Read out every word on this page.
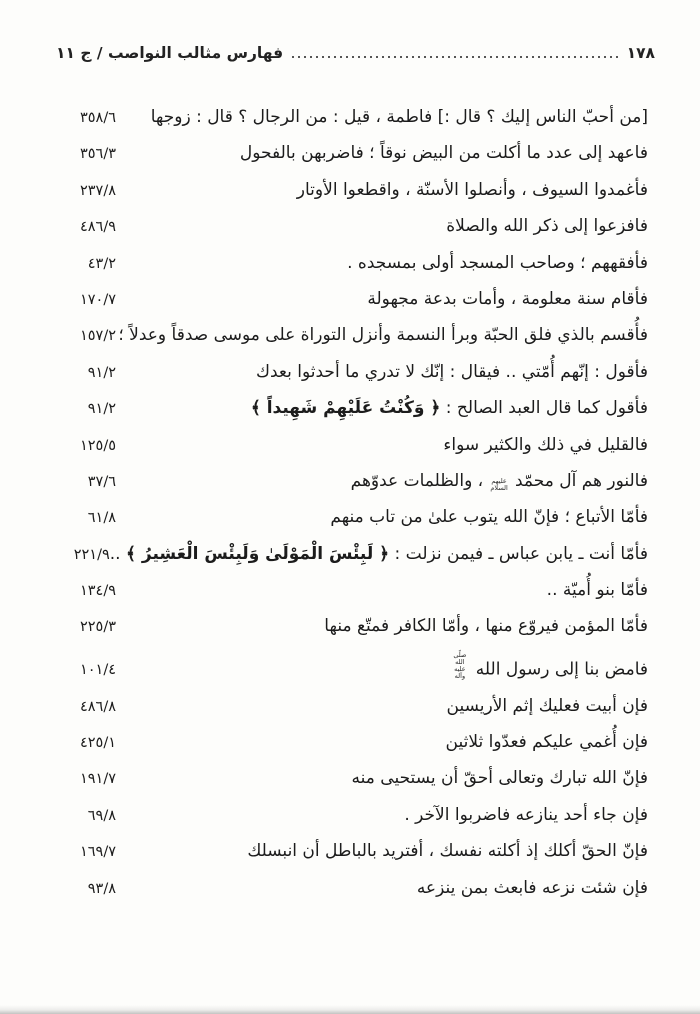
فهارس مثالب النواصب / ج ١١	١٧٨
[من أحبّ الناس إليك ؟ قال :] فاطمة ، قيل : من الرجال ؟ قال : زوجها
٣٥٨/٦
فاعهد إلى عدد ما أكلت من البيض نوقاً ؛ فاضربهن بالفحول
٣٥٦/٣
فأغمدوا السيوف ، وأنصلوا الأسنّة ، واقطعوا الأوتار
٢٣٧/٨
فافزعوا إلى ذكر الله والصلاة
٤٨٦/٩
فأفقههم ؛ وصاحب المسجد أولى بمسجده .
٤٣/٢
فأقام سنة معلومة ، وأمات بدعة مجهولة
١٧٠/٧
فأُقسم بالذي فلق الحبّة وبرأ النسمة وأنزل التوراة على موسى صدقاً وعدلاً ؛
١٥٧/٢
فأقول : إنّهم أُمّتي .. فيقال : إنّك لا تدري ما أحدثوا بعدك
٩١/٢
فأقول كما قال العبد الصالح : ﴿ وَكُنْتُ عَلَيْهِمْ شَهِيداً ﴾
٩١/٢
فالقليل في ذلك والكثير سواء
١٢٥/٥
فالنور هم آل محمّد عليهم السلام ، والظلمات عدوّهم
٣٧/٦
فأمّا الأتباع ؛ فإنّ الله يتوب علىٰ من تاب منهم
٦١/٨
فأمّا أنت ـ يابن عباس ـ فيمن نزلت : ﴿ لَبِئْسَ الْمَوْلَىٰ وَلَبِئْسَ الْعَشِيرُ ﴾ ..
٢٢١/٩
فأمّا بنو أُميّة ..
١٣٤/٩
فأمّا المؤمن فيروّع منها ، وأمّا الكافر فمتّع منها
٢٢٥/٣
فامض بنا إلى رسول الله صلّى الله عليه وآله
١٠١/٤
فإن أبيت فعليك إثم الأريسين
٤٨٦/٨
فإن أُغمي عليكم فعدّوا ثلاثين
٤٢٥/١
فإنّ الله تبارك وتعالى أحقّ أن يستحيى منه
١٩١/٧
فإن جاء أحد ينازعه فاضربوا الآخر .
٦٩/٨
فإنّ الحقّ أكلك إذ أكلته نفسك ، أفتريد بالباطل أن انبسلك
١٦٩/٧
فإن شئت نزعه فابعث بمن ينزعه
٩٣/٨
